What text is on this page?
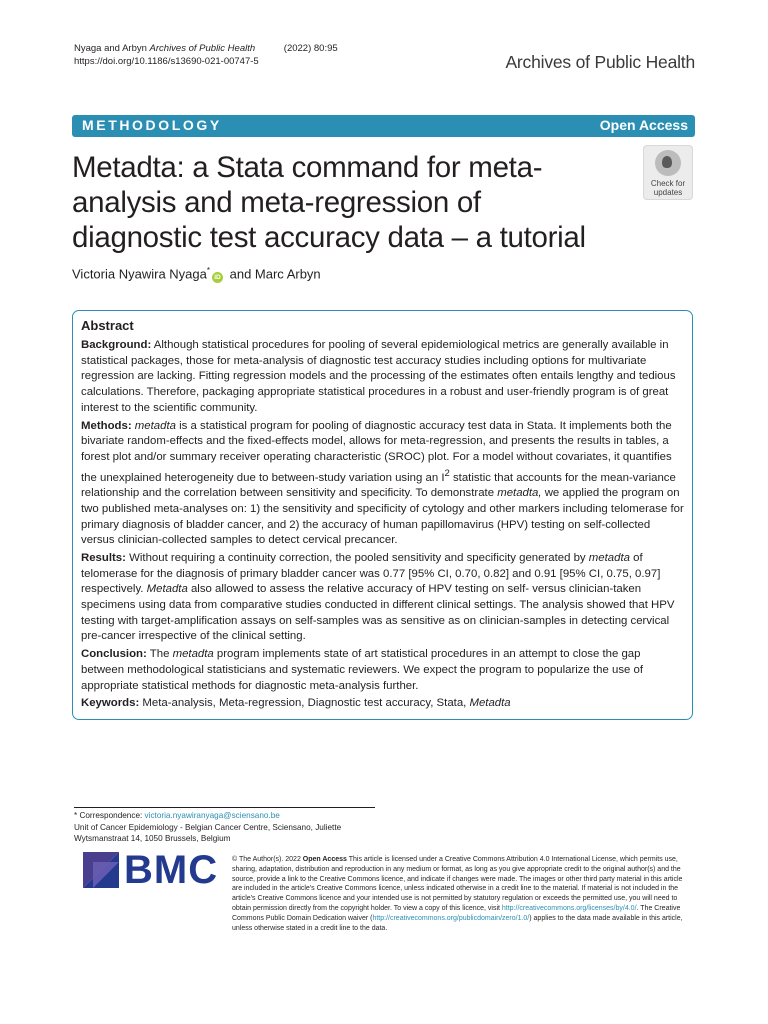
Nyaga and Arbyn Archives of Public Health	(2022) 80:95
https://doi.org/10.1186/s13690-021-00747-5	Archives of Public Health
METHODOLOGY	Open Access
Metadta: a Stata command for meta-analysis and meta-regression of diagnostic test accuracy data – a tutorial
Check for
updates
Victoria Nyawira Nyaga*iD and Marc Arbyn
Abstract

Background: Although statistical procedures for pooling of several epidemiological metrics are generally available in statistical packages, those for meta-analysis of diagnostic test accuracy studies including options for multivariate regression are lacking. Fitting regression models and the processing of the estimates often entails lengthy and tedious calculations. Therefore, packaging appropriate statistical procedures in a robust and user-friendly program is of great interest to the scientific community.

Methods: metadta is a statistical program for pooling of diagnostic accuracy test data in Stata. It implements both the bivariate random-effects and the fixed-effects model, allows for meta-regression, and presents the results in tables, a forest plot and/or summary receiver operating characteristic (SROC) plot. For a model without covariates, it quantifies the unexplained heterogeneity due to between-study variation using an $I^2$ statistic that accounts for the mean-variance relationship and the correlation between sensitivity and specificity. To demonstrate metadta, we applied the program on two published meta-analyses on: 1) the sensitivity and specificity of cytology and other markers including telomerase for primary diagnosis of bladder cancer, and 2) the accuracy of human papillomavirus (HPV) testing on self-collected versus clinician-collected samples to detect cervical precancer.

Results: Without requiring a continuity correction, the pooled sensitivity and specificity generated by metadta of telomerase for the diagnosis of primary bladder cancer was 0.77 [95% CI, 0.70, 0.82] and 0.91 [95% CI, 0.75, 0.97] respectively. Metadta also allowed to assess the relative accuracy of HPV testing on self- versus clinician-taken specimens using data from comparative studies conducted in different clinical settings. The analysis showed that HPV testing with target-amplification assays on self-samples was as sensitive as on clinician-samples in detecting cervical pre-cancer irrespective of the clinical setting.

Conclusion: The metadta program implements state of art statistical procedures in an attempt to close the gap between methodological statisticians and systematic reviewers. We expect the program to popularize the use of appropriate statistical methods for diagnostic meta-analysis further.

Keywords: Meta-analysis, Meta-regression, Diagnostic test accuracy, Stata, Metadta

* Correspondence: victoria.nyawiranyaga@sciensano.be
Unit of Cancer Epidemiology - Belgian Cancer Centre, Sciensano, Juliette Wytsmanstraat 14, 1050 Brussels, Belgium
BMC © The Author(s). 2022 Open Access This article is licensed under a Creative Commons Attribution 4.0 International License, which permits use, sharing, adaptation, distribution and reproduction in any medium or format, as long as you give appropriate credit to the original author(s) and the source, provide a link to the Creative Commons licence, and indicate if changes were made. The images or other third party material in this article are included in the article's Creative Commons licence, unless indicated otherwise in a credit line to the material. If material is not included in the article's Creative Commons licence and your intended use is not permitted by statutory regulation or exceeds the permitted use, you will need to obtain permission directly from the copyright holder. To view a copy of this licence, visit http://creativecommons.org/licenses/by/4.0/. The Creative Commons Public Domain Dedication waiver (http://creativecommons.org/publicdomain/zero/1.0/) applies to the data made available in this article, unless otherwise stated in a credit line to the data.
